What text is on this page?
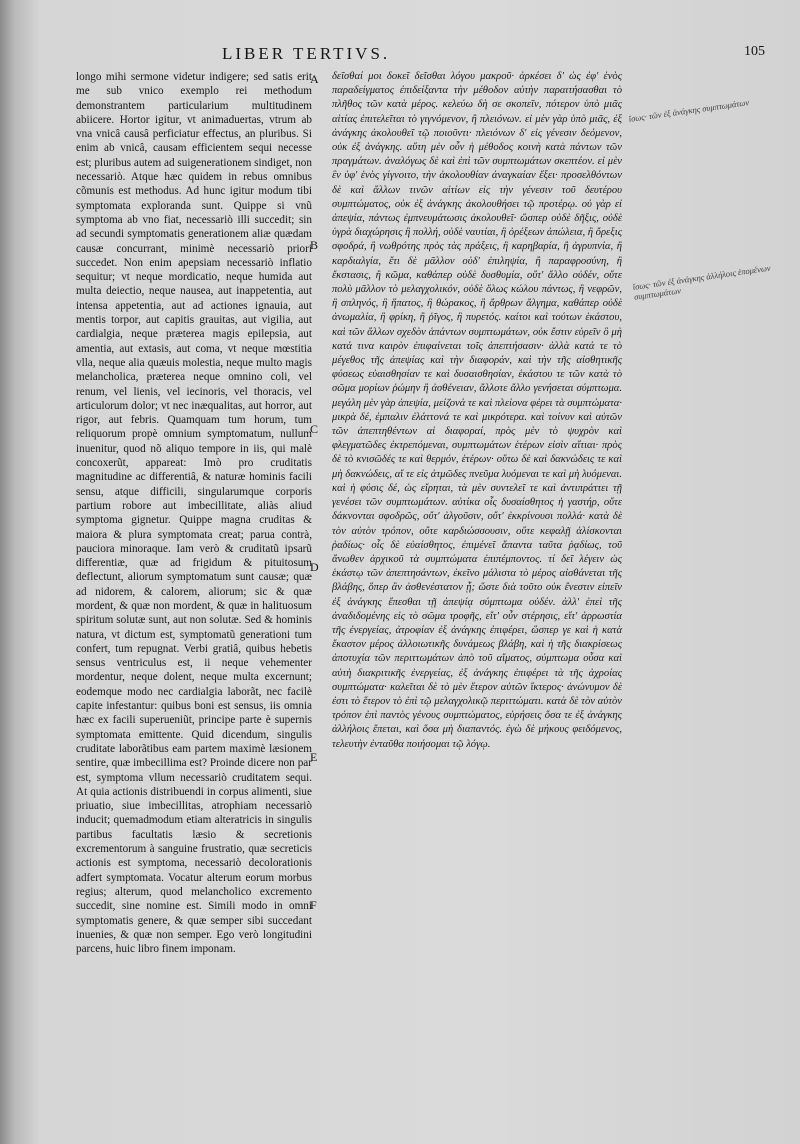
LIBER TERTIVS.	105

longo mihi sermone videtur indigere; sed satis erit me sub vnico exemplo rei methodum demonstrantem particularium multitudinem abiicere. Hortor igitur, vt animaduertas, vtrum ab vna vnicâ causâ perficiatur effectus, an pluribus. Si enim ab vnicâ, causam efficientem sequi necesse est; pluribus autem ad suigenerationem sindiget, non necessariò. Atque hæc quidem in rebus omnibus cõmunis est methodus. Ad hunc igitur modum tibi symptomata exploranda sunt. Quippe si vnũ symptoma ab vno fiat, necessariò illi succedit; sin ad secundi symptomatis generationem aliæ quædam causæ concurrant, minimè necessariò priori succedet. Non enim apepsiam necessariò inflatio sequitur; vt neque mordicatio, neque humida aut multa deiectio, neque nausea, aut inappetentia, aut intensa appetentia, aut ad actiones ignauia, aut mentis torpor, aut capitis grauitas, aut vigilia, aut cardialgia, neque præterea magis epilepsia, aut amentia, aut extasis, aut coma, vt neque mœstitia vlla, neque alia quæuis molestia, neque multo magis melancholica, præterea neque omnino coli, vel renum, vel lienis, vel iecinoris, vel thoracis, vel articulorum dolor; vt nec inæqualitas, aut horror, aut rigor, aut febris. Quamquam tum horum, tum reliquorum propè omnium symptomatum, nullum inuenitur, quod nõ aliquo tempore in iis, qui malè concoxerũt, appareat: Imò pro cruditatis magnitudine ac differentiâ, & naturæ hominis facili sensu, atque difficili, singularumque corporis partium robore aut imbecillitate, aliàs aliud symptoma gignetur. Quippe magna cruditas & maiora & plura symptomata creat; parua contrà, pauciora minoraque. Iam verò & cruditatũ ipsarũ differentiæ, quæ ad frigidum & pituitosum deflectunt, aliorum symptomatum sunt causæ; quæ ad nidorem, & calorem, aliorum; sic & quæ mordent, & quæ non mordent, & quæ in halituosum spiritum solutæ sunt, aut non solutæ. Sed & hominis natura, vt dictum est, symptomatũ generationi tum confert, tum repugnat. Verbi gratiâ, quibus hebetis sensus ventriculus est, ii neque vehementer mordentur, neque dolent, neque multa excernunt; eodemque modo nec cardialgia laborãt, nec facilè capite infestantur: quibus boni est sensus, iis omnia hæc ex facili superueniũt, principe parte è supernis symptomata emittente. Quid dicendum, singulis cruditate laborãtibus eam partem maximè læsionem sentire, quæ imbecillima est? Proinde dicere non par est, symptoma vllum necessariò cruditatem sequi. At quia actionis distribuendi in corpus alimenti, siue priuatio, siue imbecillitas, atrophiam necessariò inducit; quemadmodum etiam alteratricis in singulis partibus facultatis læsio & secretionis excrementorum à sanguine frustratio, quæ secreticis actionis est symptoma, necessariò decolorationis adfert symptomata. Vocatur alterum eorum morbus regius; alterum, quod melancholico excremento succedit, sine nomine est. Simili modo in omni symptomatis genere, & quæ semper sibi succedant inuenies, & quæ non semper. Ego verò longitudini parcens, huic libro finem imponam.

A
B
C
D
E
F

δεῖσθαί μοι δοκεῖ δεῖσθαι λόγου μακροῦ· ἀρκέσει δ' ὡς ἐφ' ἑνὸς παραδείγματος ἐπιδείξαντα τὴν μέθοδον αὐτὴν παραιτήσασθαι τὸ πλῆθος τῶν κατὰ μέρος. κελεύω δὴ σε σκοπεῖν, πότερον ὑπὸ μιᾶς αἰτίας ἐπιτελεῖται τὸ γιγνόμενον, ἢ πλειόνων. εἰ μὲν γὰρ ὑπὸ μιᾶς, ἐξ ἀνάγκης ἀκολουθεῖ τῷ ποιοῦντι· πλειόνων δ' εἰς γένεσιν δεόμενον, οὐκ ἐξ ἀνάγκης. αὕτη μὲν οὖν ἡ μέθοδος κοινὴ κατὰ πάντων τῶν πραγμάτων. ἀναλόγως δὲ καὶ ἐπὶ τῶν συμπτωμάτων σκεπτέον. εἰ μὲν ἓν ὑφ' ἑνὸς γίγνοιτο, τὴν ἀκολουθίαν ἀναγκαίαν ἕξει· προσελθόντων δὲ καὶ ἄλλων τινῶν αἰτίων εἰς τὴν γένεσιν τοῦ δευτέρου συμπτώματος, οὐκ ἐξ ἀνάγκης ἀκολουθήσει τῷ προτέρῳ. οὐ γὰρ εἰ ἀπεψία, πάντως ἐμπνευμάτωσις ἀκολουθεῖ· ὥσπερ οὐδὲ δῆξις, οὐδὲ ὑγρὰ διαχώρησις ἢ πολλή, οὐδὲ ναυτίαι, ἢ ὀρέξεων ἀπώλεια, ἢ ὄρεξις σφοδρά, ἢ νωθρότης πρὸς τὰς πράξεις, ἢ καρηβαρία, ἢ ἀγρυπνία, ἢ καρδιαλγία, ἔτι δὲ μᾶλλον οὐδ' ἐπιληψία, ἢ παραφροσύνη, ἢ ἔκστασις, ἢ κῶμα, καθάπερ οὐδὲ δυσθυμία, οὔτ' ἄλλο οὐδέν, οὔτε πολὺ μᾶλλον τὸ μελαγχολικόν, οὐδὲ ὅλως κώλου πάντως, ἢ νεφρῶν, ἢ σπληνός, ἢ ἥπατος, ἢ θώρακος, ἢ ἄρθρων ἄλγημα, καθάπερ οὐδὲ ἀνωμαλία, ἢ φρίκη, ἢ ῥῖγος, ἢ πυρετός. καίτοι καὶ τούτων ἑκάστου, καὶ τῶν ἄλλων σχεδὸν ἁπάντων συμπτωμάτων, οὐκ ἔστιν εὑρεῖν ὃ μὴ κατά τινα καιρὸν ἐπιφαίνεται τοῖς ἀπεπτήσασιν· ἀλλὰ κατά τε τὸ μέγεθος τῆς ἀπεψίας καὶ τὴν διαφοράν, καὶ τὴν τῆς αἰσθητικῆς φύσεως εὐαισθησίαν τε καὶ δυσαισθησίαν, ἑκάστου τε τῶν κατὰ τὸ σῶμα μορίων ῥώμην ἢ ἀσθένειαν, ἄλλοτε ἄλλο γενήσεται σύμπτωμα. μεγάλη μὲν γὰρ ἀπεψία, μείζονά τε καὶ πλείονα φέρει τὰ συμπτώματα· μικρὰ δέ, ἐμπαλιν ἐλάττονά τε καὶ μικρότερα. καὶ τοίνυν καὶ αὐτῶν τῶν ἀπεπτηθέντων αἱ διαφοραί, πρὸς μὲν τὸ ψυχρὸν καὶ φλεγματῶδες ἐκτρεπόμεναι, συμπτωμάτων ἑτέρων εἰσὶν αἴτιαι· πρὸς δὲ τὸ κνισῶδές τε καὶ θερμόν, ἑτέρων· οὕτω δὲ καὶ δακνώδεις τε καὶ μὴ δακνώδεις, αἵ τε εἰς ἀτμῶδες πνεῦμα λυόμεναι τε καὶ μὴ λυόμεναι. καὶ ἡ φύσις δέ, ὡς εἴρηται, τὰ μὲν συντελεῖ τε καὶ ἀντιπράττει τῇ γενέσει τῶν συμπτωμάτων. αὐτίκα οἷς δυσαίσθητος ἡ γαστήρ, οὔτε δάκνονται σφοδρῶς, οὔτ' ἀλγοῦσιν, οὔτ' ἐκκρίνουσι πολλά· κατὰ δὲ τὸν αὐτὸν τρόπον, οὔτε καρδιώσσουσιν, οὔτε κεφαλῇ ἁλίσκονται ῥαδίως· οἷς δὲ εὐαίσθητος, ἐπιμένεῖ ἅπαντα ταῦτα ῥᾳδίως, τοῦ ἄνωθεν ἀρχικοῦ τὰ συμπτώματα ἐπιπέμποντος. τί δεῖ λέγειν ὡς ἑκάστῳ τῶν ἀπεπτησάντων, ἐκεῖνο μάλιστα τὸ μέρος αἰσθάνεται τῆς βλάβης, ὅπερ ἂν ἀσθενέστατον ᾖ; ὥστε διὰ τοῦτο οὐκ ἔνεστιν εἰπεῖν ἐξ ἀνάγκης ἕπεσθαι τῇ ἀπεψίᾳ σύμπτωμα οὐδέν. ἀλλ' ἐπεὶ τῆς ἀναδιδομένης εἰς τὸ σῶμα τροφῆς, εἴτ' οὖν στέρησις, εἴτ' ἀρρωστία τῆς ἐνεργείας, ἀτροφίαν ἐξ ἀνάγκης ἐπιφέρει, ὥσπερ γε καὶ ἡ κατὰ ἕκαστον μέρος ἀλλοιωτικῆς δυνάμεως βλάβη, καὶ ἡ τῆς διακρίσεως ἀποτυχία τῶν περιττωμάτων ἀπὸ τοῦ αἵματος, σύμπτωμα οὖσα καὶ αὐτὴ διακριτικῆς ἐνεργείας, ἐξ ἀνάγκης ἐπιφέρει τὰ τῆς ἀχροίας συμπτώματα· καλεῖται δὲ τὸ μὲν ἕτερον αὐτῶν ἴκτερος· ἀνώνυμον δὲ ἐστι τὸ ἕτερον τὸ ἐπὶ τῷ μελαγχολικῷ περιττώματι. κατὰ δὲ τὸν αὐτὸν τρόπον ἐπὶ παντὸς γένους συμπτώματος, εὑρήσεις ὅσα τε ἐξ ἀνάγκης ἀλλήλοις ἕπεται, καὶ ὅσα μὴ διαπαντός. ἐγὼ δὲ μήκους φειδόμενος, τελευτὴν ἐνταῦθα ποιήσομαι τῷ λόγῳ.

ἴσως· τῶν ἐξ ἀνάγκης συμπτωμάτων
ἴσως· τῶν ἐξ ἀνάγκης ἀλλήλοις ἑπομένων συμπτωμάτων
